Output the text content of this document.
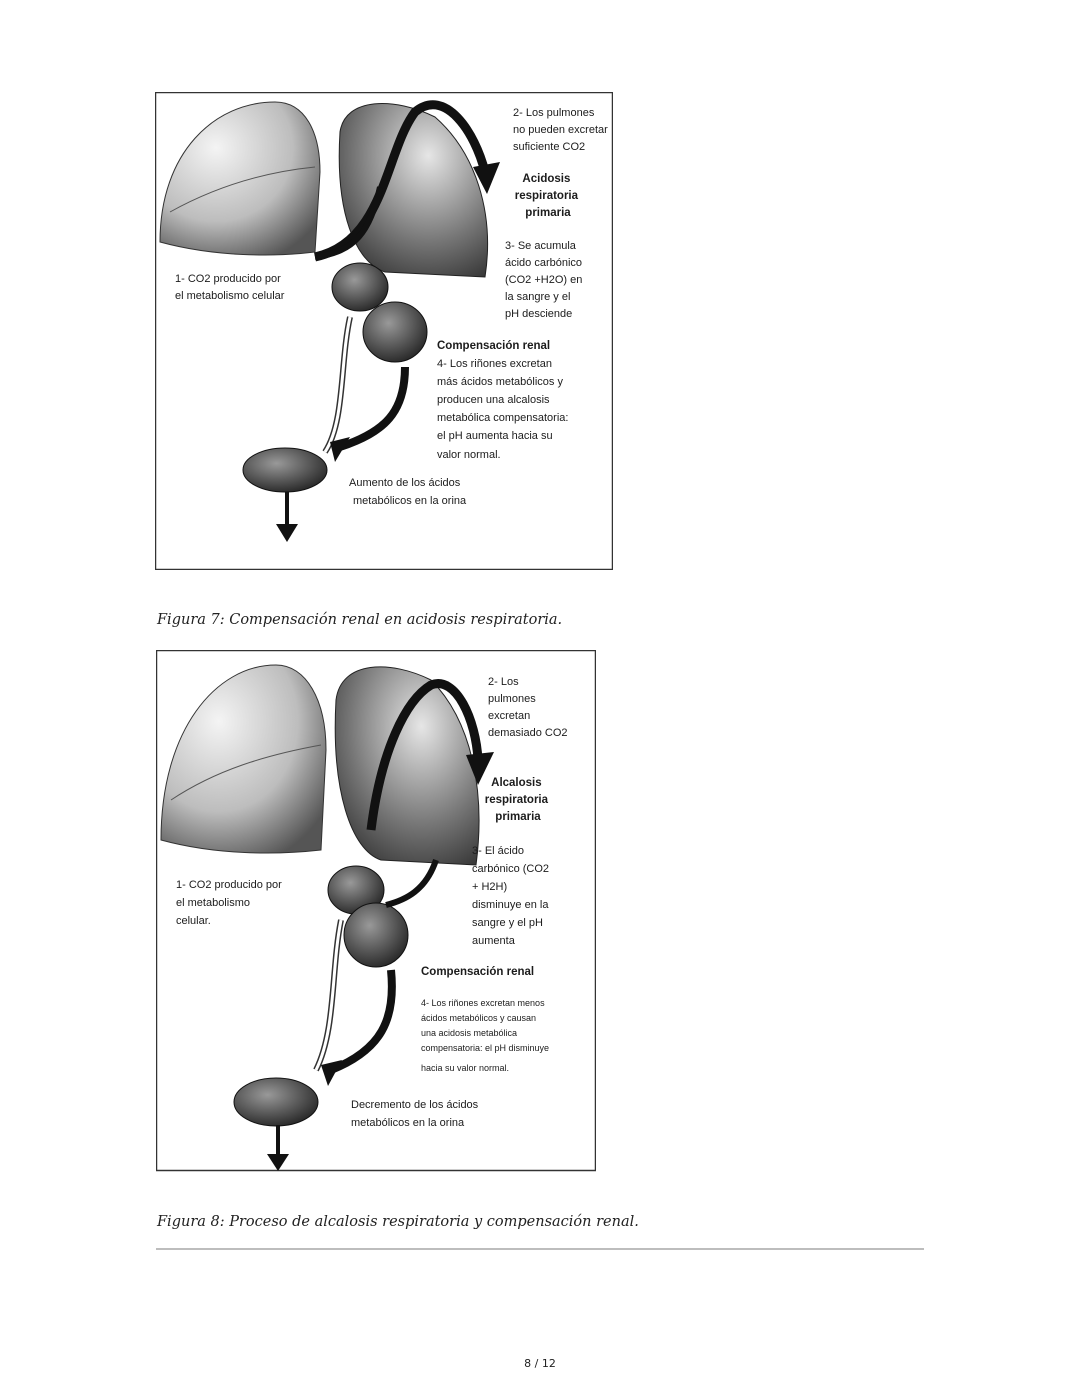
2- Los pulmones no pueden excretar suficiente CO2
Acidosis respiratoria primaria
3- Se acumula ácido carbónico (CO2 +H2O) en la sangre y el pH desciende
1- CO2 producido por el metabolismo celular
Compensación renal
4- Los riñones excretan más ácidos metabólicos y producen una alcalosis metabólica compensatoria: el pH aumenta hacia su valor normal.
Aumento de los ácidos metabólicos en la orina
Figura 7: Compensación renal en acidosis respiratoria.
2- Los pulmones excretan demasiado CO2
Alcalosis respiratoria primaria
3- El ácido carbónico (CO2 + H2H) disminuye en la sangre y el pH aumenta
1- CO2 producido por el metabolismo celular.
Compensación renal
4- Los riñones excretan menos ácidos metabólicos y causan una acidosis metabólica compensatoria: el pH disminuye hacia su valor normal.
Decremento de los ácidos metabólicos en la orina
Figura 8: Proceso de alcalosis respiratoria y compensación renal.
8 / 12
